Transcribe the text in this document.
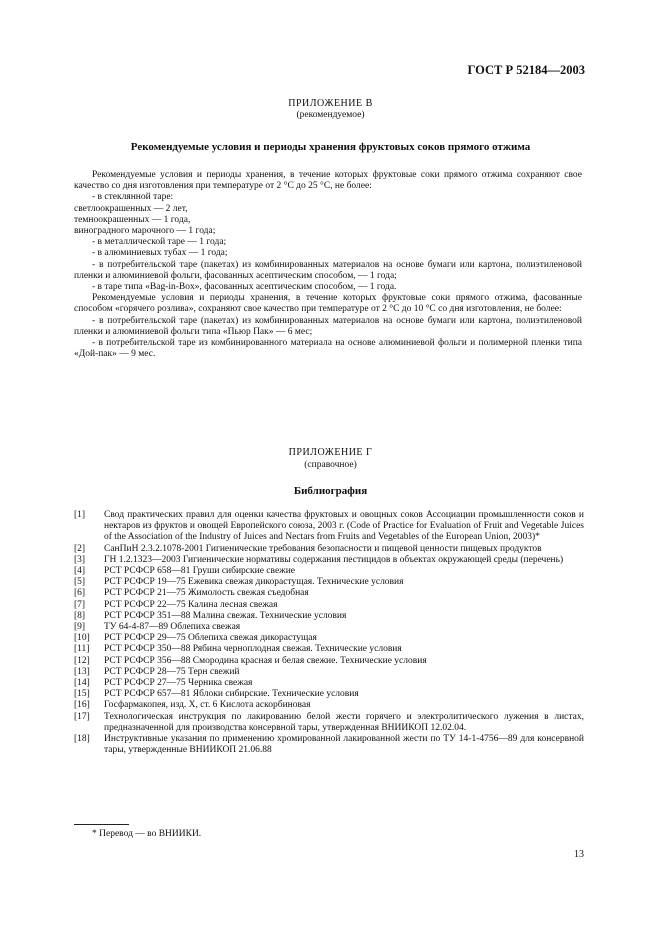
ГОСТ Р 52184—2003
ПРИЛОЖЕНИЕ В
(рекомендуемое)
Рекомендуемые условия и периоды хранения фруктовых соков прямого отжима

Рекомендуемые условия и периоды хранения, в течение которых фруктовые соки прямого отжима сохраняют свое качество со дня изготовления при температуре от 2 °С до 25 °С, не более:

- в стеклянной таре:

светлоокрашенных — 2 лет,

темноокрашенных — 1 года,

виноградного марочного — 1 года;

- в металлической таре — 1 года;

- в алюминиевых тубах — 1 года;

- в потребительской таре (пакетах) из комбинированных материалов на основе бумаги или картона, полиэтиленовой пленки и алюминиевой фольги, фасованных асептическим способом, — 1 года;

- в таре типа «Bag-in-Box», фасованных асептическим способом, — 1 года.

Рекомендуемые условия и периоды хранения, в течение которых фруктовые соки прямого отжима, фасованные способом «горячего розлива», сохраняют свое качество при температуре от 2 °С до 10 °С со дня изготовления, не более:

- в потребительской таре (пакетах) из комбинированных материалов на основе бумаги или картона, полиэтиленовой пленки и алюминиевой фольги типа «Пьюр Пак» — 6 мес;

- в потребительской таре из комбинированного материала на основе алюминиевой фольги и полимерной пленки типа «Дой-пак» — 9 мес.

ПРИЛОЖЕНИЕ Г
(справочное)
Библиография
[1]	Свод практических правил для оценки качества фруктовых и овощных соков Ассоциации промышленности соков и нектаров из фруктов и овощей Европейского союза, 2003 г. (Code of Practice for Evaluation of Fruit and Vegetable Juices of the Association of the Industry of Juices and Nectars from Fruits and Vegetables of the European Union, 2003)*
[2]	СанПиН 2.3.2.1078-2001 Гигиенические требования безопасности и пищевой ценности пищевых продуктов
[3]	ГН 1.2.1323—2003 Гигиенические нормативы содержания пестицидов в объектах окружающей среды (перечень)
[4]	РСТ РСФСР 658—81 Груши сибирские свежие
[5]	РСТ РСФСР 19—75 Ежевика свежая дикорастущая. Технические условия
[6]	РСТ РСФСР 21—75 Жимолость свежая съедобная
[7]	РСТ РСФСР 22—75 Калина лесная свежая
[8]	РСТ РСФСР 351—88 Малина свежая. Технические условия
[9]	ТУ 64-4-87—89 Облепиха свежая
[10]	РСТ РСФСР 29—75 Облепиха свежая дикорастущая
[11]	РСТ РСФСР 350—88 Рябина черноплодная свежая. Технические условия
[12]	РСТ РСФСР 356—88 Смородина красная и белая свежие. Технические условия
[13]	РСТ РСФСР 28—75 Терн свежий
[14]	РСТ РСФСР 27—75 Черника свежая
[15]	РСТ РСФСР 657—81 Яблоки сибирские. Технические условия
[16]	Госфармакопея, изд. X, ст. 6 Кислота аскорбиновая
[17]	Технологическая инструкция по лакированию белой жести горячего и электролитического лужения в листах, предназначенной для производства консервной тары, утвержденная ВНИИКОП 12.02.04.
[18]	Инструктивные указания по применению хромированной лакированной жести по ТУ 14-1-4756—89 для консервной тары, утвержденные ВНИИКОП 21.06.88
* Перевод — во ВНИИКИ.
13
